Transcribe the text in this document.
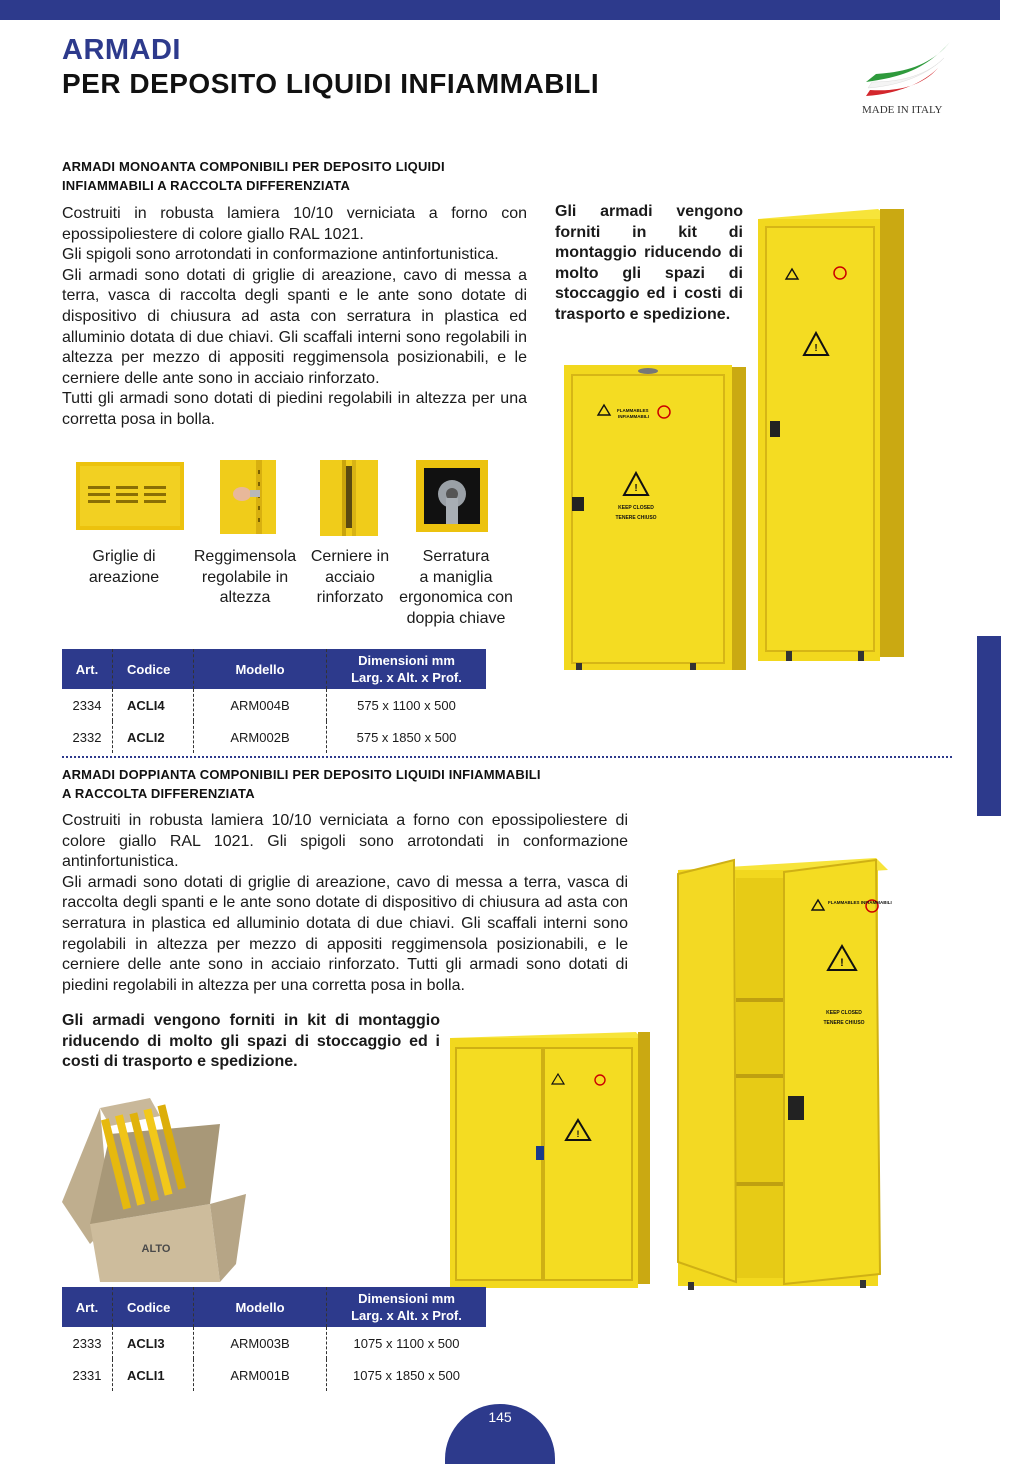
ARMADI
PER DEPOSITO LIQUIDI INFIAMMABILI
MADE IN ITALY
ARMADI MONOANTA COMPONIBILI PER DEPOSITO LIQUIDI
INFIAMMABILI A RACCOLTA DIFFERENZIATA

Costruiti in robusta lamiera 10/10 verniciata a forno con epossipoliestere di colore giallo RAL 1021.

Gli spigoli sono arrotondati in conformazione antinfortunistica.

Gli armadi sono dotati di griglie di areazione, cavo di messa a terra, vasca di raccolta degli spanti e le ante sono dotate di dispositivo di chiusura ad asta con serratura in plastica ed alluminio dotata di due chiavi. Gli scaffali interni sono regolabili in altezza per mezzo di appositi reggimensola posizionabili, e le cerniere delle ante sono in acciaio rinforzato.

Tutti gli armadi sono dotati di piedini regolabili in altezza per una corretta posa in bolla.

Gli armadi vengono forniti in kit di montaggio riducendo di molto gli spazi di stoccaggio ed i costi di trasporto e spedizione.
Griglie di
areazione
Reggimensola
regolabile in
altezza
Cerniere in
acciaio
rinforzato
Serratura
a maniglia
ergonomica con
doppia chiave
FLAMMABLES
INFIAMMABILI
!
KEEP CLOSED
TENERE CHIUSO
!
Art.	Codice	Modello	Dimensioni mm
Larg. x Alt. x Prof.

2334	ACLI4	ARM004B	575 x 1100 x 500
2332	ACLI2	ARM002B	575 x 1850 x 500
ARMADI DOPPIANTA COMPONIBILI PER DEPOSITO LIQUIDI INFIAMMABILI
A RACCOLTA DIFFERENZIATA

Costruiti in robusta lamiera 10/10 verniciata a forno con epossipoliestere di colore giallo RAL 1021. Gli spigoli sono arrotondati in conformazione antinfortunistica.

Gli armadi sono dotati di griglie di areazione, cavo di messa a terra, vasca di raccolta degli spanti e le ante sono dotate di dispositivo di chiusura ad asta con serratura in plastica ed alluminio dotata di due chiavi. Gli scaffali interni sono regolabili in altezza per mezzo di appositi reggimensola posizionabili, e le cerniere delle ante sono in acciaio rinforzato. Tutti gli armadi sono dotati di piedini regolabili in altezza per una corretta posa in bolla.

Gli armadi vengono forniti in kit di montaggio riducendo di molto gli spazi di stoccaggio ed i costi di trasporto e spedizione.
ALTO
FLAMMABLES INFIAMMABILI
!
KEEP CLOSED
TENERE CHIUSO
!
Art.	Codice	Modello	Dimensioni mm
Larg. x Alt. x Prof.

2333	ACLI3	ARM003B	1075 x 1100 x 500
2331	ACLI1	ARM001B	1075 x 1850 x 500
145
